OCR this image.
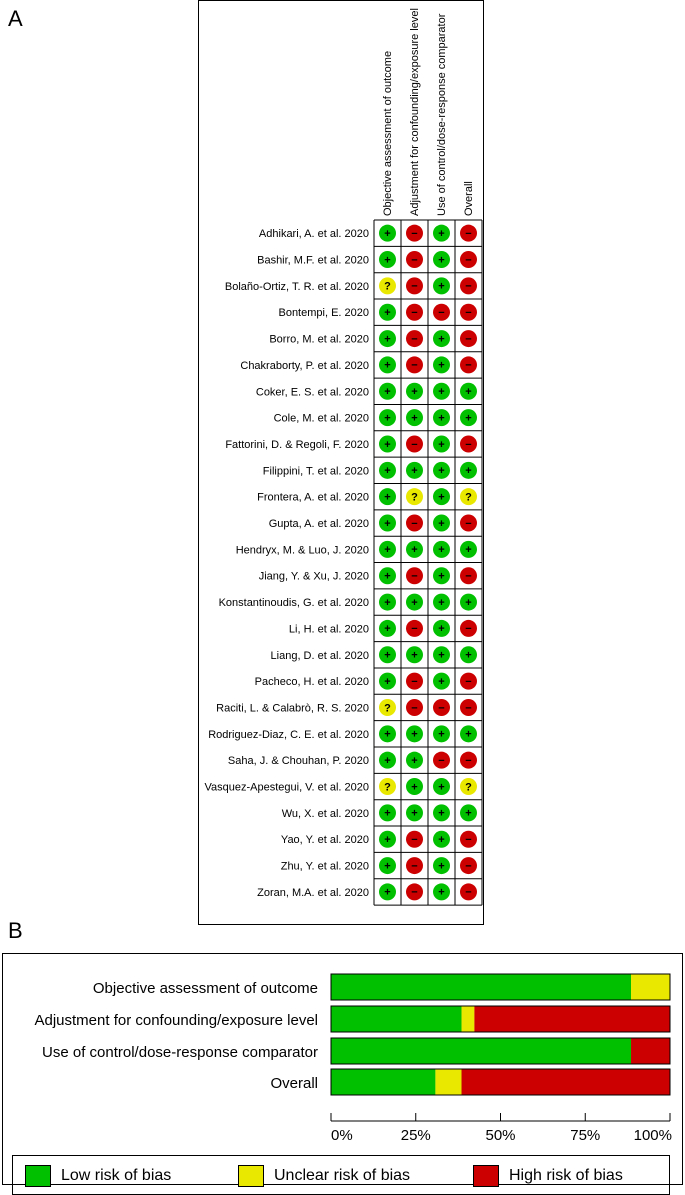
A
Objective assessment of outcome Adjustment for confounding/exposure level Use of control/dose-response comparator Overall
Adhikari, A. et al. 2020 + − + −
Bashir, M.F. et al. 2020 + − + −
Bolaño-Ortiz, T. R. et al. 2020 ? − + −
Bontempi, E. 2020 + − − −
Borro, M. et al. 2020 + − + −
Chakraborty, P. et al. 2020 + − + −
Coker, E. S. et al. 2020 + + + +
Cole, M. et al. 2020 + + + +
Fattorini, D. & Regoli, F. 2020 + − + −
Filippini, T. et al. 2020 + + + +
Frontera, A. et al. 2020 + ? + ?
Gupta, A. et al. 2020 + − + −
Hendryx, M. & Luo, J. 2020 + + + +
Jiang, Y. & Xu, J. 2020 + − + −
Konstantinoudis, G. et al. 2020 + + + +
Li, H. et al. 2020 + − + −
Liang, D. et al. 2020 + + + +
Pacheco, H. et al. 2020 + − + −
Raciti, L. & Calabrò, R. S. 2020 ? − − −
Rodriguez-Diaz, C. E. et al. 2020 + + + +
Saha, J. & Chouhan, P. 2020 + + − −
Vasquez-Apestegui, V. et al. 2020 ? + + ?
Wu, X. et al. 2020 + + + +
Yao, Y. et al. 2020 + − + −
Zhu, Y. et al. 2020 + − + −
Zoran, M.A. et al. 2020 + − + −
B
Objective assessment of outcome
Adjustment for confounding/exposure level
Use of control/dose-response comparator
Overall
0%	25%	50%	75% 100%
Low risk of bias	Unclear risk of bias	High risk of bias
